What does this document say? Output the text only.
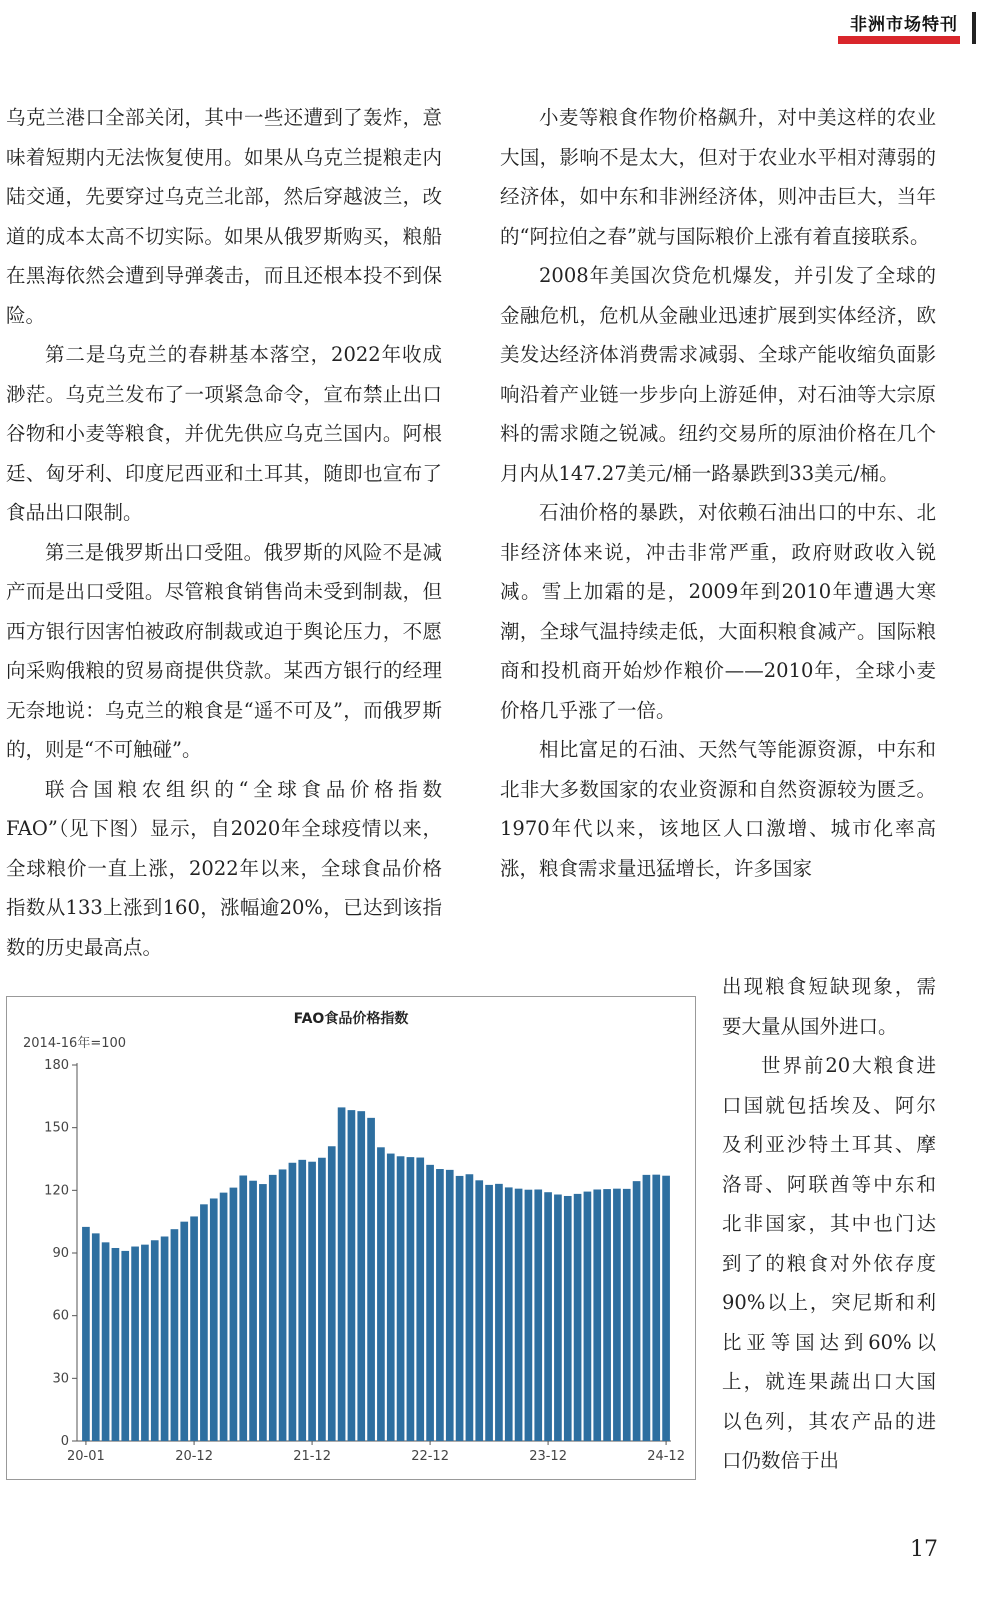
非洲市场特刊

乌克兰港口全部关闭，其中一些还遭到了轰炸，意味着短期内无法恢复使用。如果从乌克兰提粮走内陆交通，先要穿过乌克兰北部，然后穿越波兰，改道的成本太高不切实际。如果从俄罗斯购买，粮船在黑海依然会遭到导弹袭击，而且还根本投不到保险。

第二是乌克兰的春耕基本落空，2022年收成渺茫。乌克兰发布了一项紧急命令，宣布禁止出口谷物和小麦等粮食，并优先供应乌克兰国内。阿根廷、匈牙利、印度尼西亚和土耳其，随即也宣布了食品出口限制。

第三是俄罗斯出口受阻。俄罗斯的风险不是减产而是出口受阻。尽管粮食销售尚未受到制裁，但西方银行因害怕被政府制裁或迫于舆论压力，不愿向采购俄粮的贸易商提供贷款。某西方银行的经理无奈地说：乌克兰的粮食是“遥不可及”，而俄罗斯的，则是“不可触碰”。

联合国粮农组织的“全球食品价格指数FAO”（见下图）显示，自2020年全球疫情以来，全球粮价一直上涨，2022年以来，全球食品价格指数从133上涨到160，涨幅逾20%，已达到该指数的历史最高点。

小麦等粮食作物价格飙升，对中美这样的农业大国，影响不是太大，但对于农业水平相对薄弱的经济体，如中东和非洲经济体，则冲击巨大，当年的“阿拉伯之春”就与国际粮价上涨有着直接联系。

2008年美国次贷危机爆发，并引发了全球的金融危机，危机从金融业迅速扩展到实体经济，欧美发达经济体消费需求减弱、全球产能收缩负面影响沿着产业链一步步向上游延伸，对石油等大宗原料的需求随之锐减。纽约交易所的原油价格在几个月内从147.27美元/桶一路暴跌到33美元/桶。

石油价格的暴跌，对依赖石油出口的中东、北非经济体来说，冲击非常严重，政府财政收入锐减。雪上加霜的是，2009年到2010年遭遇大寒潮，全球气温持续走低，大面积粮食减产。国际粮商和投机商开始炒作粮价——2010年，全球小麦价格几乎涨了一倍。

相比富足的石油、天然气等能源资源，中东和北非大多数国家的农业资源和自然资源较为匮乏。1970年代以来，该地区人口激增、城市化率高涨，粮食需求量迅猛增长，许多国家

出现粮食短缺现象，需要大量从国外进口。

世界前20大粮食进口国就包括埃及、阿尔及利亚沙特土耳其、摩洛哥、阿联酋等中东和北非国家，其中也门达到了的粮食对外依存度90%以上，突尼斯和利比亚等国达到60%以上，就连果蔬出口大国以色列，其农产品的进口仍数倍于出

FAO食品价格指数
2014-16年=100
0
30
60
90
120
150
180
20-01	20-12	21-12	22-12	23-12	24-12
17
